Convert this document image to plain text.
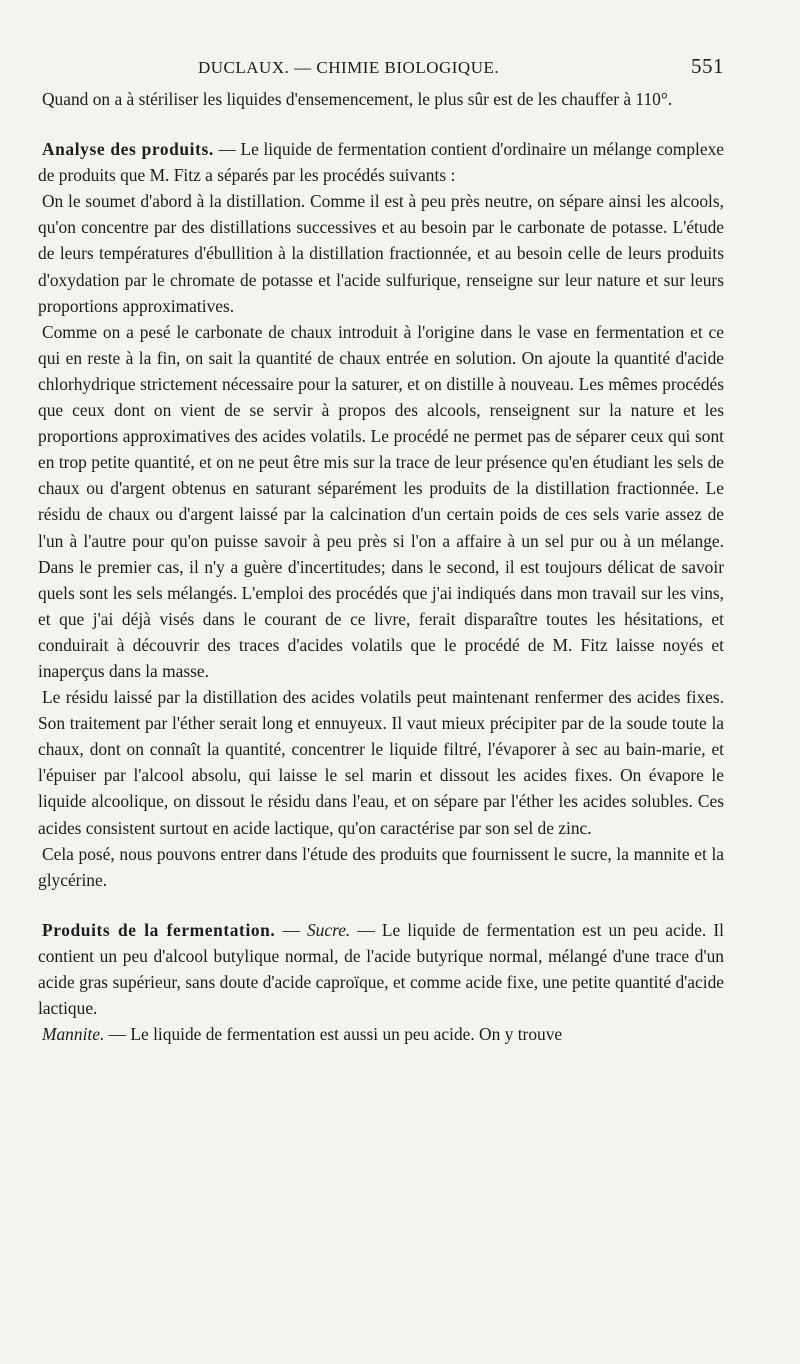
DUCLAUX. — CHIMIE BIOLOGIQUE.	551

Quand on a à stériliser les liquides d'ensemencement, le plus sûr est de les chauffer à 110°.

Analyse des produits. — Le liquide de fermentation contient d'ordinaire un mélange complexe de produits que M. Fitz a séparés par les procédés suivants :

On le soumet d'abord à la distillation. Comme il est à peu près neutre, on sépare ainsi les alcools, qu'on concentre par des distillations successives et au besoin par le carbonate de potasse. L'étude de leurs températures d'ébullition à la distillation fractionnée, et au besoin celle de leurs produits d'oxydation par le chromate de potasse et l'acide sulfurique, renseigne sur leur nature et sur leurs proportions approximatives.

Comme on a pesé le carbonate de chaux introduit à l'origine dans le vase en fermentation et ce qui en reste à la fin, on sait la quantité de chaux entrée en solution. On ajoute la quantité d'acide chlorhydrique strictement nécessaire pour la saturer, et on distille à nouveau. Les mêmes procédés que ceux dont on vient de se servir à propos des alcools, renseignent sur la nature et les proportions approximatives des acides volatils. Le procédé ne permet pas de séparer ceux qui sont en trop petite quantité, et on ne peut être mis sur la trace de leur présence qu'en étudiant les sels de chaux ou d'argent obtenus en saturant séparément les produits de la distillation fractionnée. Le résidu de chaux ou d'argent laissé par la calcination d'un certain poids de ces sels varie assez de l'un à l'autre pour qu'on puisse savoir à peu près si l'on a affaire à un sel pur ou à un mélange. Dans le premier cas, il n'y a guère d'incertitudes; dans le second, il est toujours délicat de savoir quels sont les sels mélangés. L'emploi des procédés que j'ai indiqués dans mon travail sur les vins, et que j'ai déjà visés dans le courant de ce livre, ferait disparaître toutes les hésitations, et conduirait à découvrir des traces d'acides volatils que le procédé de M. Fitz laisse noyés et inaperçus dans la masse.

Le résidu laissé par la distillation des acides volatils peut maintenant renfermer des acides fixes. Son traitement par l'éther serait long et ennuyeux. Il vaut mieux précipiter par de la soude toute la chaux, dont on connaît la quantité, concentrer le liquide filtré, l'évaporer à sec au bain-marie, et l'épuiser par l'alcool absolu, qui laisse le sel marin et dissout les acides fixes. On évapore le liquide alcoolique, on dissout le résidu dans l'eau, et on sépare par l'éther les acides solubles. Ces acides consistent surtout en acide lactique, qu'on caractérise par son sel de zinc.

Cela posé, nous pouvons entrer dans l'étude des produits que fournissent le sucre, la mannite et la glycérine.

Produits de la fermentation. — Sucre. — Le liquide de fermentation est un peu acide. Il contient un peu d'alcool butylique normal, de l'acide butyrique normal, mélangé d'une trace d'un acide gras supérieur, sans doute d'acide caproïque, et comme acide fixe, une petite quantité d'acide lactique.

Mannite. — Le liquide de fermentation est aussi un peu acide. On y trouve
